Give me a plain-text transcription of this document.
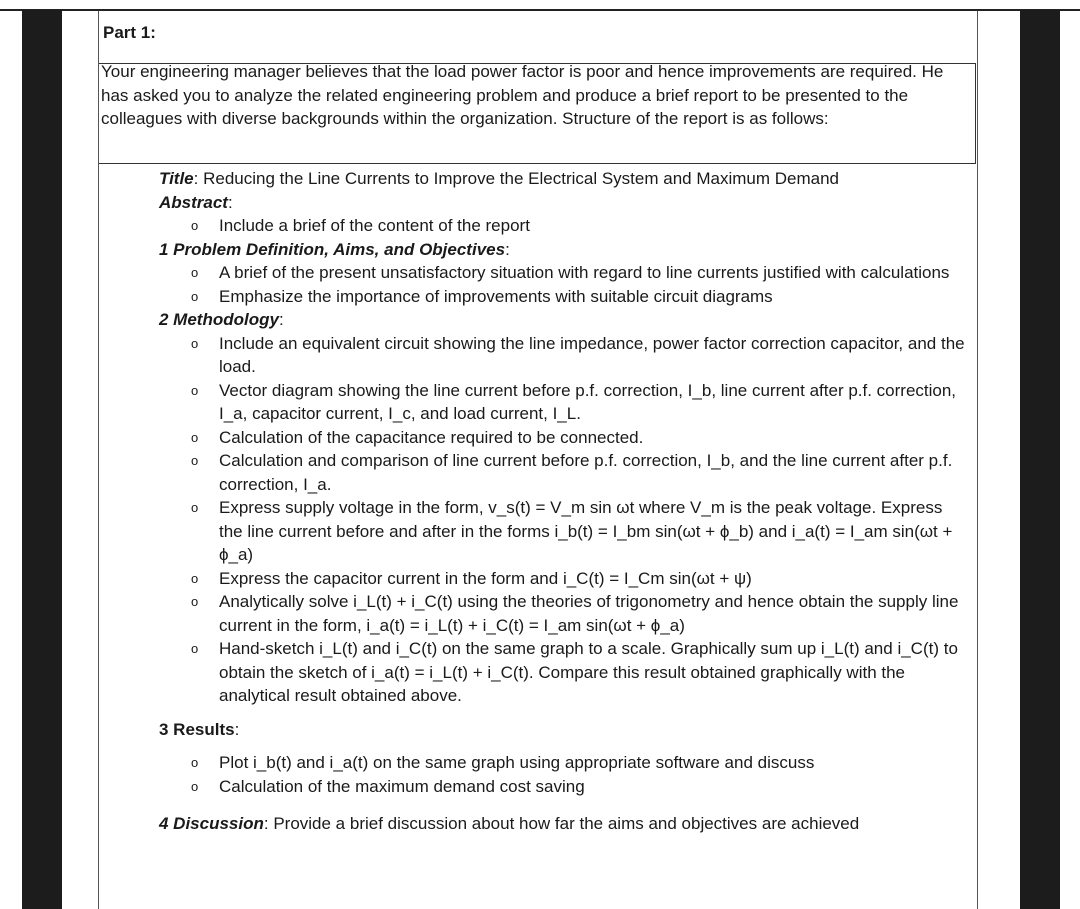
Part 1:
Your engineering manager believes that the load power factor is poor and hence improvements are required. He has asked you to analyze the related engineering problem and produce a brief report to be presented to the colleagues with diverse backgrounds within the organization. Structure of the report is as follows:
Title: Reducing the Line Currents to Improve the Electrical System and Maximum Demand
Abstract:
o Include a brief of the content of the report
1 Problem Definition, Aims, and Objectives:
o A brief of the present unsatisfactory situation with regard to line currents justified with calculations
o Emphasize the importance of improvements with suitable circuit diagrams
2 Methodology:
o Include an equivalent circuit showing the line impedance, power factor correction capacitor, and the load.
o Vector diagram showing the line current before p.f. correction, I_b, line current after p.f. correction, I_a, capacitor current, I_c, and load current, I_L.
o Calculation of the capacitance required to be connected.
o Calculation and comparison of line current before p.f. correction, I_b, and the line current after p.f. correction, I_a.
o Express supply voltage in the form, v_s(t) = V_m sin ωt where V_m is the peak voltage. Express the line current before and after in the forms i_b(t) = I_bm sin(ωt + ϕ_b) and i_a(t) = I_am sin(ωt + ϕ_a)
o Express the capacitor current in the form and i_C(t) = I_Cm sin(ωt + ψ)
o Analytically solve i_L(t) + i_C(t) using the theories of trigonometry and hence obtain the supply line current in the form, i_a(t) = i_L(t) + i_C(t) = I_am sin(ωt + ϕ_a)
o Hand-sketch i_L(t) and i_C(t) on the same graph to a scale. Graphically sum up i_L(t) and i_C(t) to obtain the sketch of i_a(t) = i_L(t) + i_C(t). Compare this result obtained graphically with the analytical result obtained above.
3 Results:
o Plot i_b(t) and i_a(t) on the same graph using appropriate software and discuss
o Calculation of the maximum demand cost saving
4 Discussion: Provide a brief discussion about how far the aims and objectives are achieved
